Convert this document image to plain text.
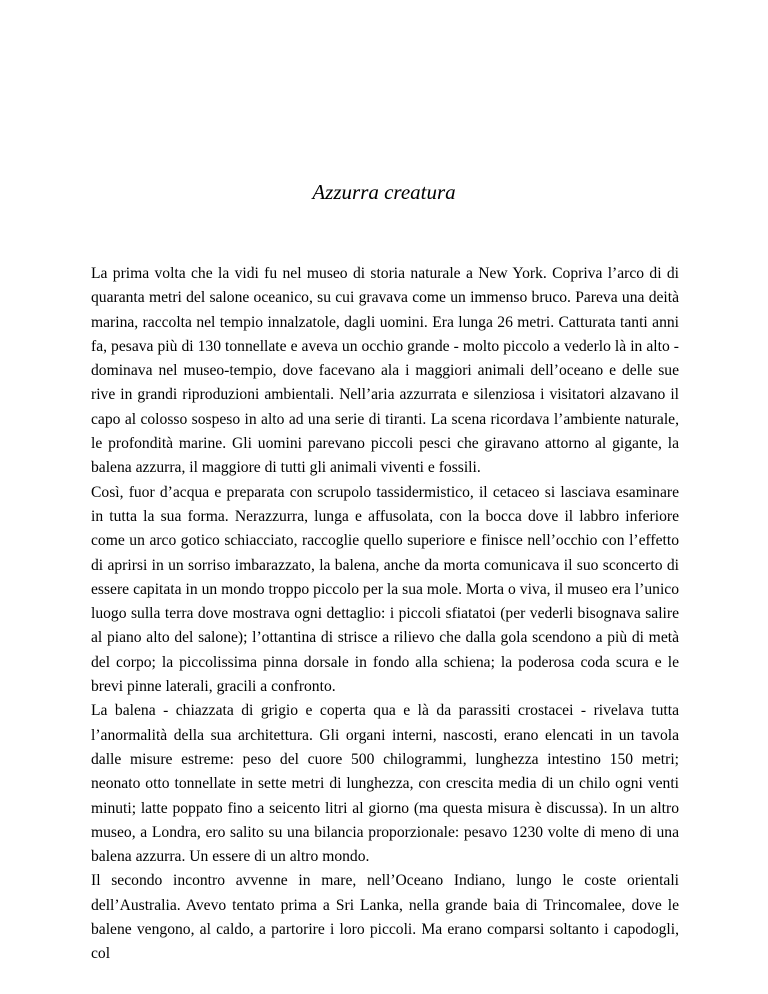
Azzurra creatura

La prima volta che la vidi fu nel museo di storia naturale a New York. Copriva l’arco di di quaranta metri del salone oceanico, su cui gravava come un immenso bruco. Pareva una deità marina, raccolta nel tempio innalzatole, dagli uomini. Era lunga 26 metri. Catturata tanti anni fa, pesava più di 130 tonnellate e aveva un occhio grande - molto piccolo a vederlo là in alto - dominava nel museo-tempio, dove facevano ala i maggiori animali dell’oceano e delle sue rive in grandi riproduzioni ambientali. Nell’aria azzurrata e silenziosa i visitatori alzavano il capo al colosso sospeso in alto ad una serie di tiranti. La scena ricordava l’ambiente naturale, le profondità marine. Gli uomini parevano piccoli pesci che giravano attorno al gigante, la balena azzurra, il maggiore di tutti gli animali viventi e fossili.

Così, fuor d’acqua e preparata con scrupolo tassidermistico, il cetaceo si lasciava esaminare in tutta la sua forma. Nerazzurra, lunga e affusolata, con la bocca dove il labbro inferiore come un arco gotico schiacciato, raccoglie quello superiore e finisce nell’occhio con l’effetto di aprirsi in un sorriso imbarazzato, la balena, anche da morta comunicava il suo sconcerto di essere capitata in un mondo troppo piccolo per la sua mole. Morta o viva, il museo era l’unico luogo sulla terra dove mostrava ogni dettaglio: i piccoli sfiatatoi (per vederli bisognava salire al piano alto del salone); l’ottantina di strisce a rilievo che dalla gola scendono a più di metà del corpo; la piccolissima pinna dorsale in fondo alla schiena; la poderosa coda scura e le brevi pinne laterali, gracili a confronto.

La balena - chiazzata di grigio e coperta qua e là da parassiti crostacei - rivelava tutta l’anormalità della sua architettura. Gli organi interni, nascosti, erano elencati in un tavola dalle misure estreme: peso del cuore 500 chilogrammi, lunghezza intestino 150 metri; neonato otto tonnellate in sette metri di lunghezza, con crescita media di un chilo ogni venti minuti; latte poppato fino a seicento litri al giorno (ma questa misura è discussa). In un altro museo, a Londra, ero salito su una bilancia proporzionale: pesavo 1230 volte di meno di una balena azzurra. Un essere di un altro mondo.

Il secondo incontro avvenne in mare, nell’Oceano Indiano, lungo le coste orientali dell’Australia. Avevo tentato prima a Sri Lanka, nella grande baia di Trincomalee, dove le balene vengono, al caldo, a partorire i loro piccoli. Ma erano comparsi soltanto i capodogli, col
